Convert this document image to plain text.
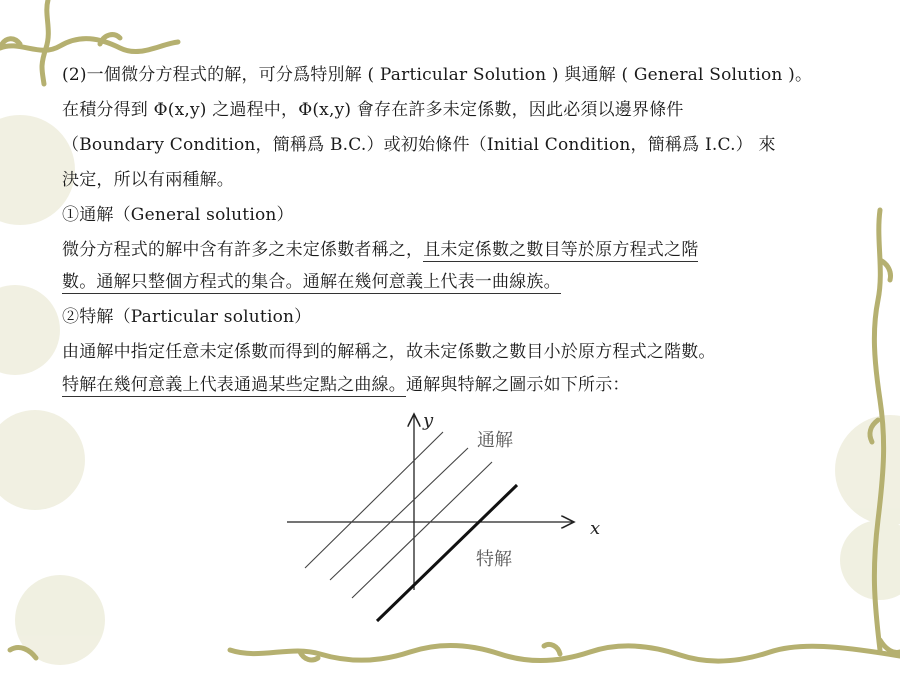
(2)一個微分方程式的解，可分爲特別解 ( Particular Solution ) 與通解 ( General Solution )。
在積分得到 Φ(x,y) 之過程中，Φ(x,y) 會存在許多未定係數，因此必須以邊界條件
（Boundary Condition，簡稱爲 B.C.）或初始條件（Initial Condition，簡稱爲 I.C.） 來
決定，所以有兩種解。
①通解（General solution）
微分方程式的解中含有許多之未定係數者稱之，且未定係數之數目等於原方程式之階
數。通解只整個方程式的集合。通解在幾何意義上代表一曲線族。
②特解（Particular solution）
由通解中指定任意未定係數而得到的解稱之，故未定係數之數目小於原方程式之階數。
特解在幾何意義上代表通過某些定點之曲線。通解與特解之圖示如下所示：
y
x
通解
特解
